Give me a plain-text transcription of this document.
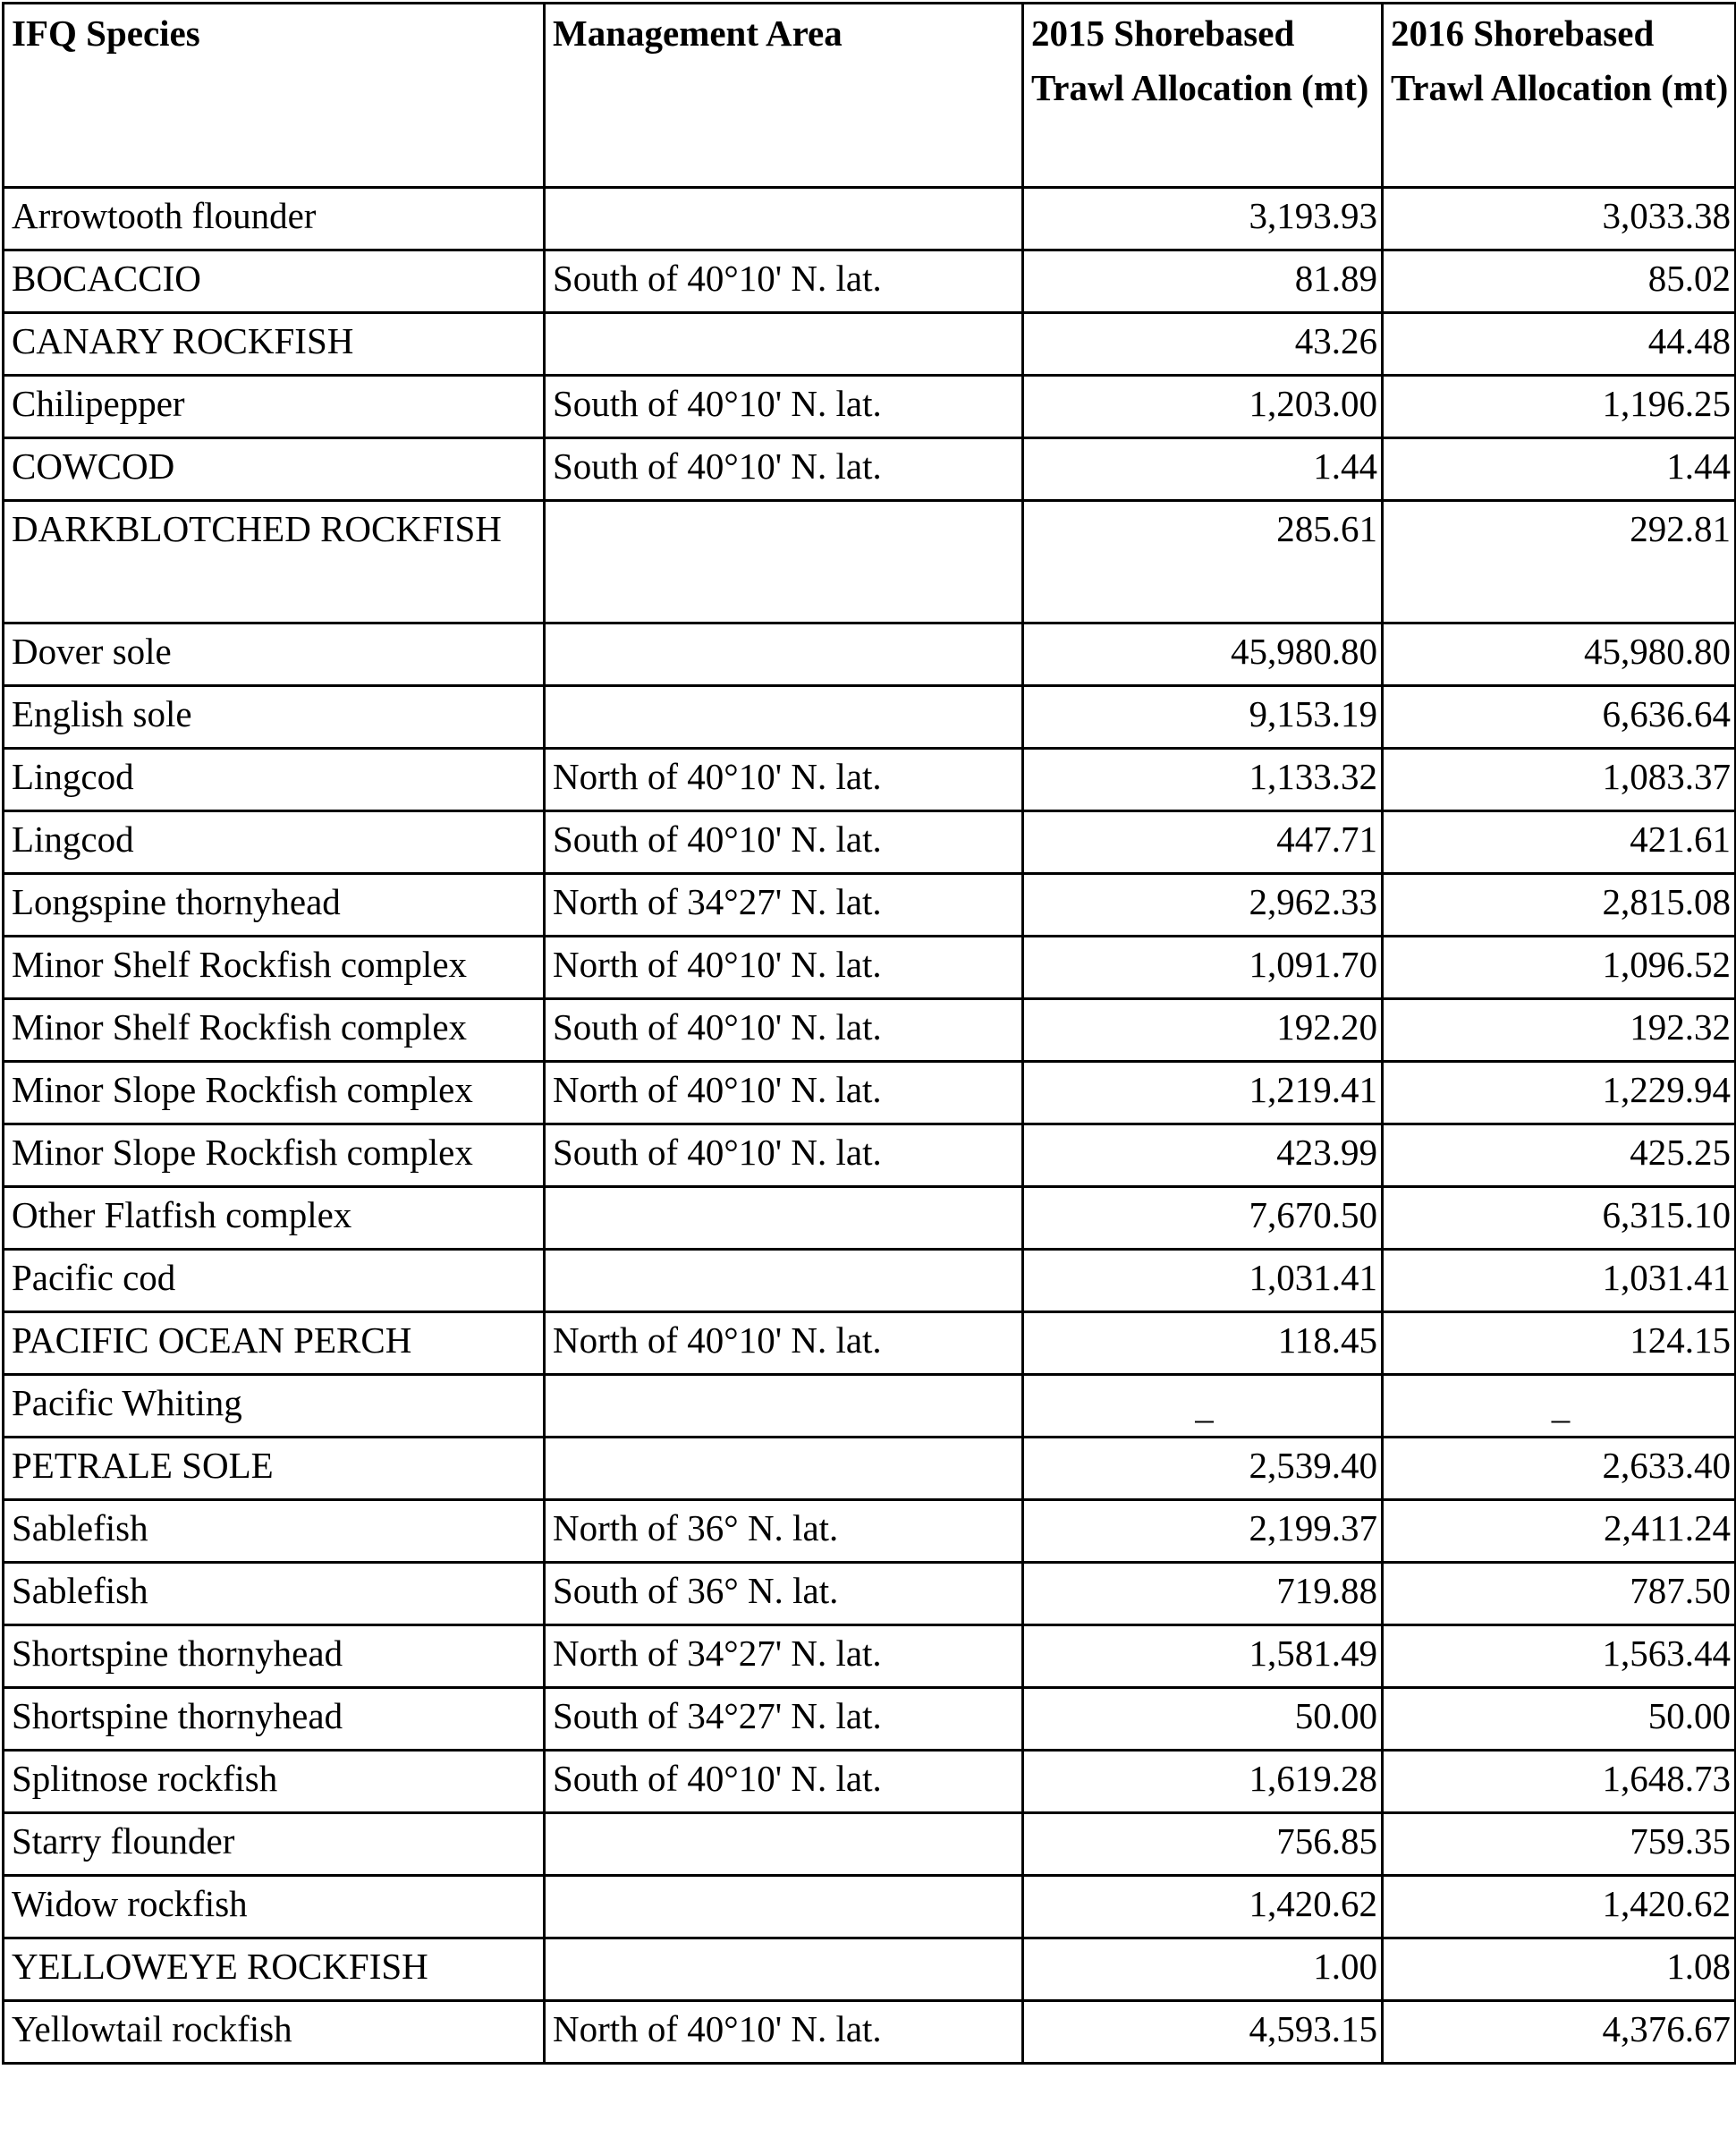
IFQ Species	Management Area	2015 Shorebased Trawl Allocation (mt)	2016 Shorebased Trawl Allocation (mt)
Arrowtooth flounder		3,193.93	3,033.38
BOCACCIO	South of 40°10' N. lat.	81.89	85.02
CANARY ROCKFISH		43.26	44.48
Chilipepper	South of 40°10' N. lat.	1,203.00	1,196.25
COWCOD	South of 40°10' N. lat.	1.44	1.44
DARKBLOTCHED ROCKFISH		285.61	292.81
Dover sole		45,980.80	45,980.80
English sole		9,153.19	6,636.64
Lingcod	North of 40°10' N. lat.	1,133.32	1,083.37
Lingcod	South of 40°10' N. lat.	447.71	421.61
Longspine thornyhead	North of 34°27' N. lat.	2,962.33	2,815.08
Minor Shelf Rockfish complex	North of 40°10' N. lat.	1,091.70	1,096.52
Minor Shelf Rockfish complex	South of 40°10' N. lat.	192.20	192.32
Minor Slope Rockfish complex	North of 40°10' N. lat.	1,219.41	1,229.94
Minor Slope Rockfish complex	South of 40°10' N. lat.	423.99	425.25
Other Flatfish complex		7,670.50	6,315.10
Pacific cod		1,031.41	1,031.41
PACIFIC OCEAN PERCH	North of 40°10' N. lat.	118.45	124.15
Pacific Whiting		–	–
PETRALE SOLE		2,539.40	2,633.40
Sablefish	North of 36° N. lat.	2,199.37	2,411.24
Sablefish	South of 36° N. lat.	719.88	787.50
Shortspine thornyhead	North of 34°27' N. lat.	1,581.49	1,563.44
Shortspine thornyhead	South of 34°27' N. lat.	50.00	50.00
Splitnose rockfish	South of 40°10' N. lat.	1,619.28	1,648.73
Starry flounder		756.85	759.35
Widow rockfish		1,420.62	1,420.62
YELLOWEYE ROCKFISH		1.00	1.08
Yellowtail rockfish	North of 40°10' N. lat.	4,593.15	4,376.67
